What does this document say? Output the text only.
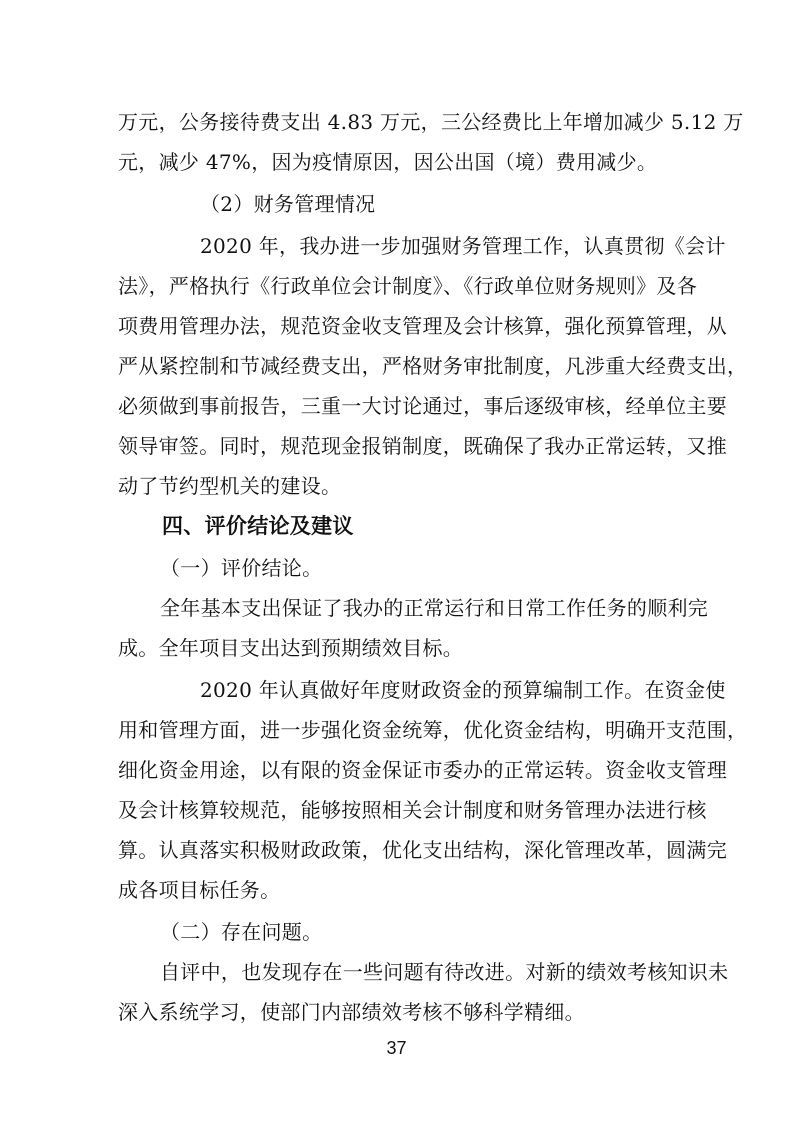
万元，公务接待费支出 4.83 万元，三公经费比上年增加减少 5.12 万
元，减少 47%，因为疫情原因，因公出国（境）费用减少。
（2）财务管理情况
2020 年，我办进一步加强财务管理工作，认真贯彻《会计
法》，严格执行《行政单位会计制度》、《行政单位财务规则》及各
项费用管理办法，规范资金收支管理及会计核算，强化预算管理，从
严从紧控制和节减经费支出，严格财务审批制度，凡涉重大经费支出，
必须做到事前报告，三重一大讨论通过，事后逐级审核，经单位主要
领导审签。同时，规范现金报销制度，既确保了我办正常运转，又推
动了节约型机关的建设。
四、评价结论及建议
（一）评价结论。
全年基本支出保证了我办的正常运行和日常工作任务的顺利完
成。全年项目支出达到预期绩效目标。
2020 年认真做好年度财政资金的预算编制工作。在资金使
用和管理方面，进一步强化资金统筹，优化资金结构，明确开支范围，
细化资金用途，以有限的资金保证市委办的正常运转。资金收支管理
及会计核算较规范，能够按照相关会计制度和财务管理办法进行核
算。认真落实积极财政政策，优化支出结构，深化管理改革，圆满完
成各项目标任务。
（二）存在问题。
自评中，也发现存在一些问题有待改进。对新的绩效考核知识未
深入系统学习，使部门内部绩效考核不够科学精细。
37
